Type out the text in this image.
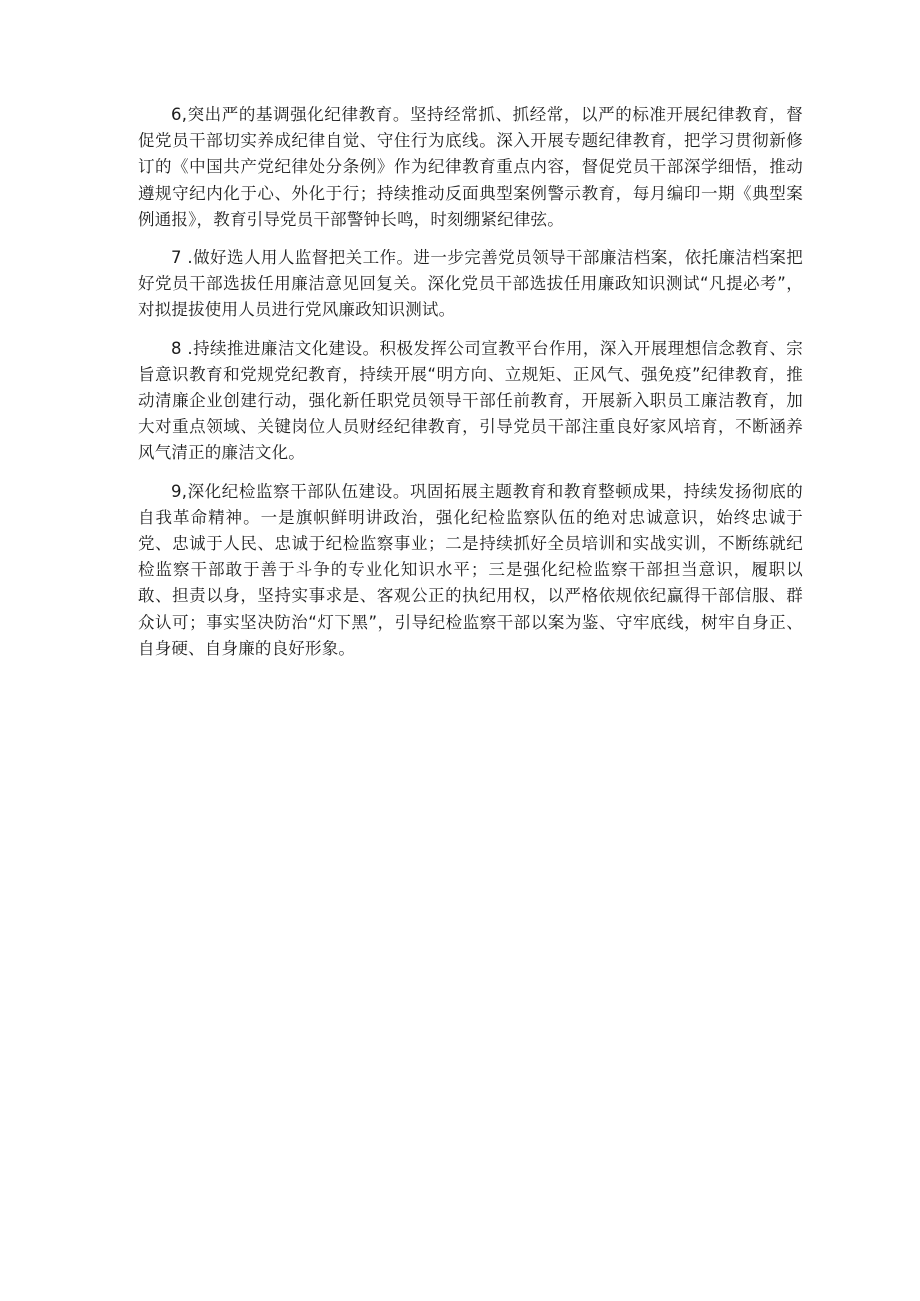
6,突出严的基调强化纪律教育。坚持经常抓、抓经常，以严的标准开展纪律教育，督促党员干部切实养成纪律自觉、守住行为底线。深入开展专题纪律教育，把学习贯彻新修订的《中国共产党纪律处分条例》作为纪律教育重点内容，督促党员干部深学细悟，推动遵规守纪内化于心、外化于行；持续推动反面典型案例警示教育，每月编印一期《典型案例通报》，教育引导党员干部警钟长鸣，时刻绷紧纪律弦。

7 .做好选人用人监督把关工作。进一步完善党员领导干部廉洁档案，依托廉洁档案把好党员干部选拔任用廉洁意见回复关。深化党员干部选拔任用廉政知识测试“凡提必考”，对拟提拔使用人员进行党风廉政知识测试。

8 .持续推进廉洁文化建设。积极发挥公司宣教平台作用，深入开展理想信念教育、宗旨意识教育和党规党纪教育，持续开展“明方向、立规矩、正风气、强免疫”纪律教育，推动清廉企业创建行动，强化新任职党员领导干部任前教育，开展新入职员工廉洁教育，加大对重点领域、关键岗位人员财经纪律教育，引导党员干部注重良好家风培育，不断涵养风气清正的廉洁文化。

9,深化纪检监察干部队伍建设。巩固拓展主题教育和教育整顿成果，持续发扬彻底的自我革命精神。一是旗帜鲜明讲政治，强化纪检监察队伍的绝对忠诚意识，始终忠诚于党、忠诚于人民、忠诚于纪检监察事业；二是持续抓好全员培训和实战实训，不断练就纪检监察干部敢于善于斗争的专业化知识水平；三是强化纪检监察干部担当意识，履职以敢、担责以身，坚持实事求是、客观公正的执纪用权，以严格依规依纪赢得干部信服、群众认可；事实坚决防治“灯下黑”，引导纪检监察干部以案为鉴、守牢底线，树牢自身正、自身硬、自身廉的良好形象。
